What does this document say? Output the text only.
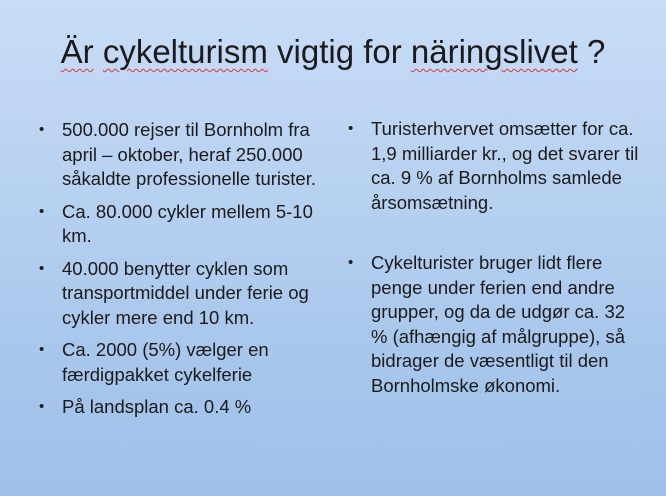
Är cykelturism vigtig for näringslivet ?
• 500.000 rejser til Bornholm fra april – oktober, heraf 250.000 såkaldte professionelle turister.
• Ca. 80.000 cykler mellem 5-10 km.
• 40.000 benytter cyklen som transportmiddel under ferie og cykler mere end 10 km.
• Ca. 2000 (5%) vælger en færdigpakket cykelferie
• På landsplan ca. 0.4 %
• Turisterhvervet omsætter for ca. 1,9 milliarder kr., og det svarer til ca. 9 % af Bornholms samlede årsomsætning.
• Cykelturister bruger lidt flere penge under ferien end andre grupper, og da de udgør ca. 32 % (afhængig af målgruppe), så bidrager de væsentligt til den Bornholmske økonomi.
